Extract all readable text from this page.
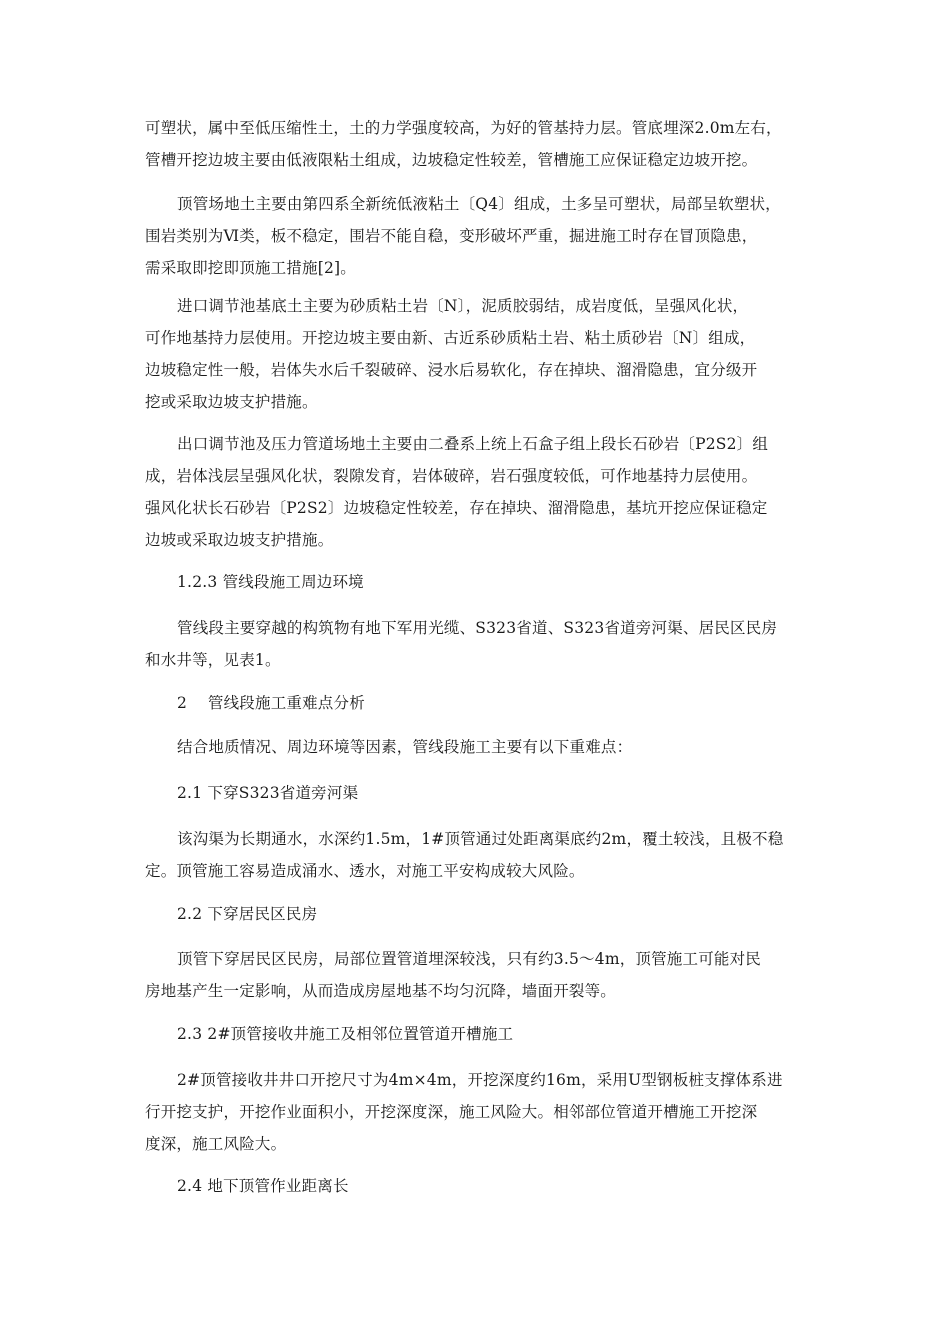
可塑状，属中至低压缩性土，土的力学强度较高，为好的管基持力层。管底埋深2.0m左右，
管槽开挖边坡主要由低液限粘土组成，边坡稳定性较差，管槽施工应保证稳定边坡开挖。

顶管场地土主要由第四系全新统低液粘土〔Q4〕组成，土多呈可塑状，局部呈软塑状，
围岩类别为Ⅵ类，板不稳定，围岩不能自稳，变形破坏严重，掘进施工时存在冒顶隐患，
需采取即挖即顶施工措施[2]。

进口调节池基底土主要为砂质粘土岩〔N〕，泥质胶弱结，成岩度低，呈强风化状，
可作地基持力层使用。开挖边坡主要由新、古近系砂质粘土岩、粘土质砂岩〔N〕组成，
边坡稳定性一般，岩体失水后千裂破碎、浸水后易软化，存在掉块、溜滑隐患，宜分级开
挖或采取边坡支护措施。

出口调节池及压力管道场地土主要由二叠系上统上石盒子组上段长石砂岩〔P2S2〕组
成，岩体浅层呈强风化状，裂隙发育，岩体破碎，岩石强度较低，可作地基持力层使用。
强风化状长石砂岩〔P2S2〕边坡稳定性较差，存在掉块、溜滑隐患，基坑开挖应保证稳定
边坡或采取边坡支护措施。

1.2.3 管线段施工周边环境

管线段主要穿越的构筑物有地下军用光缆、S323省道、S323省道旁河渠、居民区民房
和水井等，见表1。

2　 管线段施工重难点分析

结合地质情况、周边环境等因素，管线段施工主要有以下重难点：

2.1 下穿S323省道旁河渠

该沟渠为长期通水，水深约1.5m，1#顶管通过处距离渠底约2m，覆土较浅，且极不稳
定。顶管施工容易造成涌水、透水，对施工平安构成较大风险。

2.2 下穿居民区民房

顶管下穿居民区民房，局部位置管道埋深较浅，只有约3.5～4m，顶管施工可能对民
房地基产生一定影响，从而造成房屋地基不均匀沉降，墙面开裂等。

2.3 2#顶管接收井施工及相邻位置管道开槽施工

2#顶管接收井井口开挖尺寸为4m×4m，开挖深度约16m，采用U型钢板桩支撑体系进
行开挖支护，开挖作业面积小，开挖深度深，施工风险大。相邻部位管道开槽施工开挖深
度深，施工风险大。

2.4 地下顶管作业距离长
